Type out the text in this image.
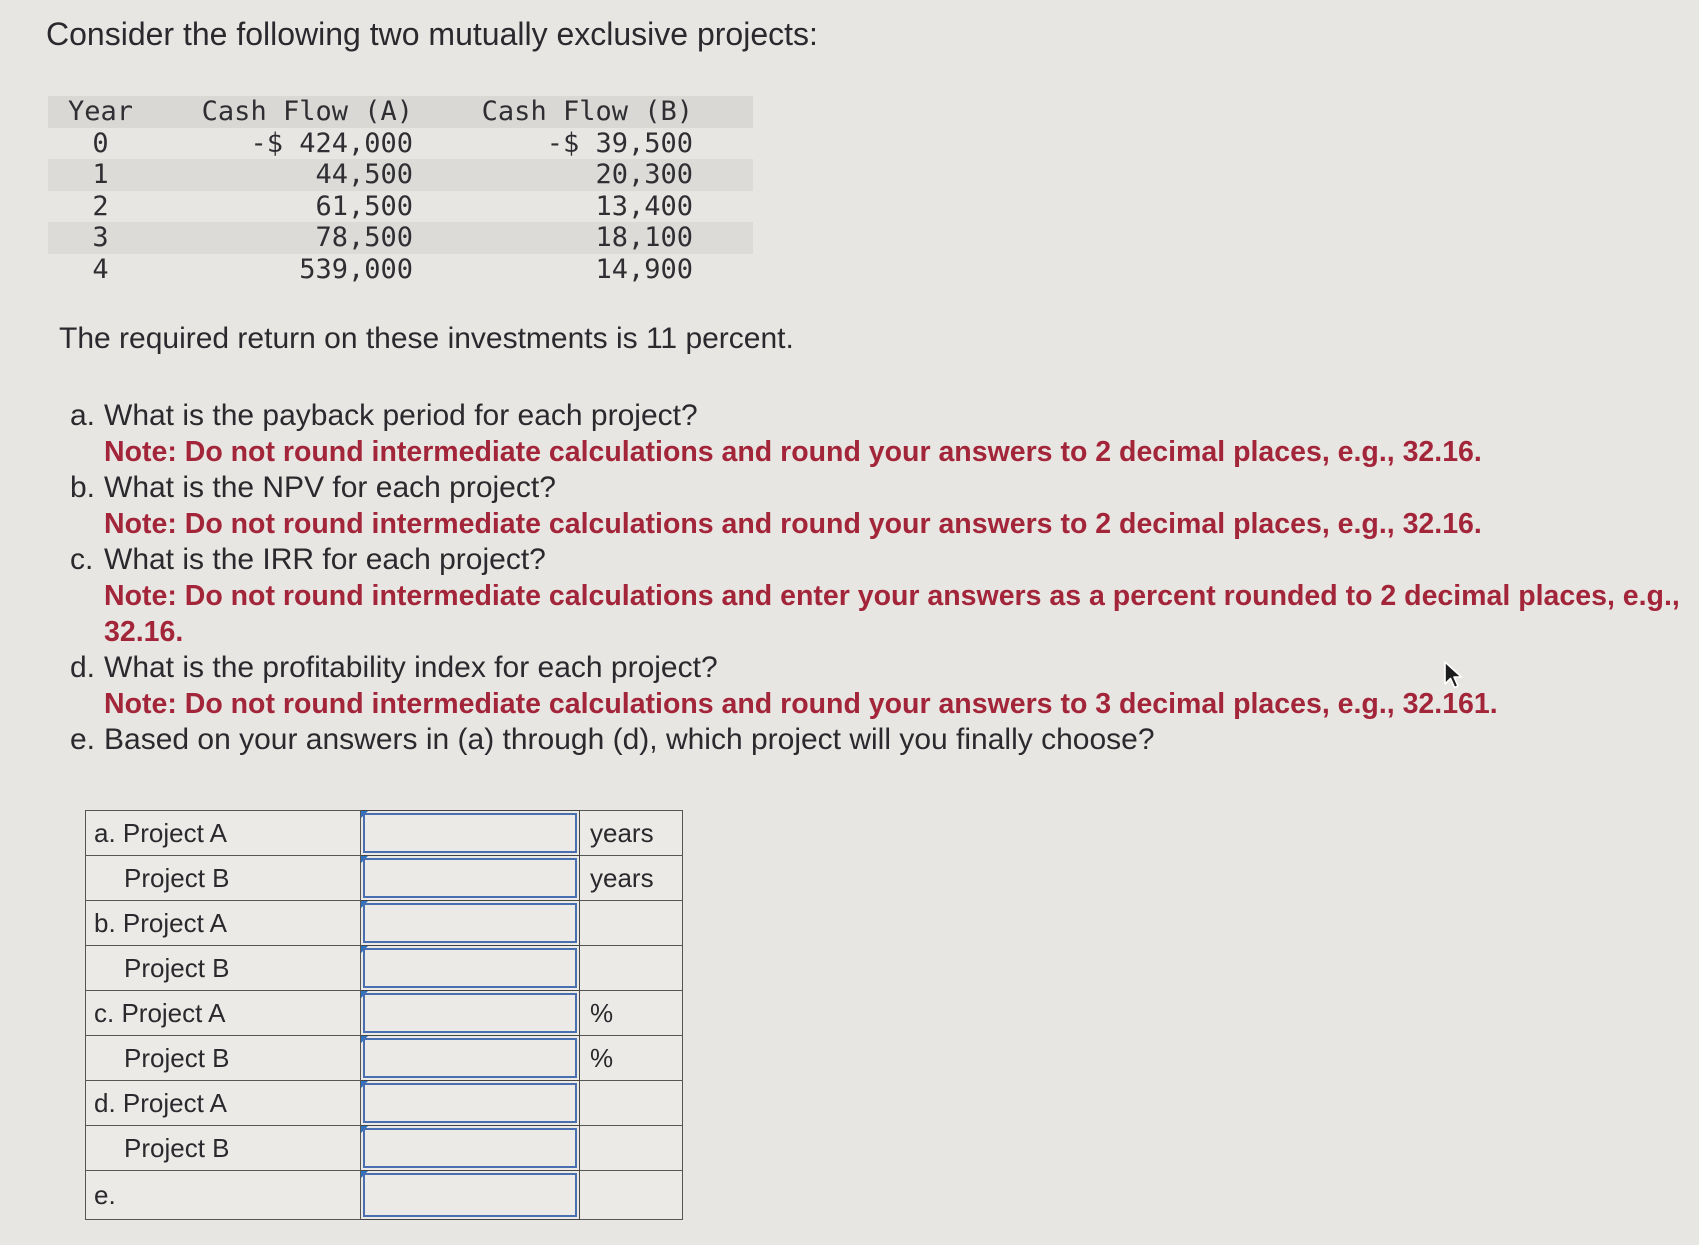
Consider the following two mutually exclusive projects:
Year	Cash Flow (A)	Cash Flow (B)
0	-$ 424,000	-$ 39,500
1	44,500	20,300
2	61,500	13,400
3	78,500	18,100
4	539,000	14,900
The required return on these investments is 11 percent.
a. What is the payback period for each project?
Note: Do not round intermediate calculations and round your answers to 2 decimal places, e.g., 32.16.
b. What is the NPV for each project?
Note: Do not round intermediate calculations and round your answers to 2 decimal places, e.g., 32.16.
c. What is the IRR for each project?
Note: Do not round intermediate calculations and enter your answers as a percent rounded to 2 decimal places, e.g., 32.16.
d. What is the profitability index for each project?
Note: Do not round intermediate calculations and round your answers to 3 decimal places, e.g., 32.161.
e. Based on your answers in (a) through (d), which project will you finally choose?
a. Project A		years
Project B		years
b. Project A	

Project B	

c. Project A		%
Project B		%
d. Project A	

Project B	

e.	
